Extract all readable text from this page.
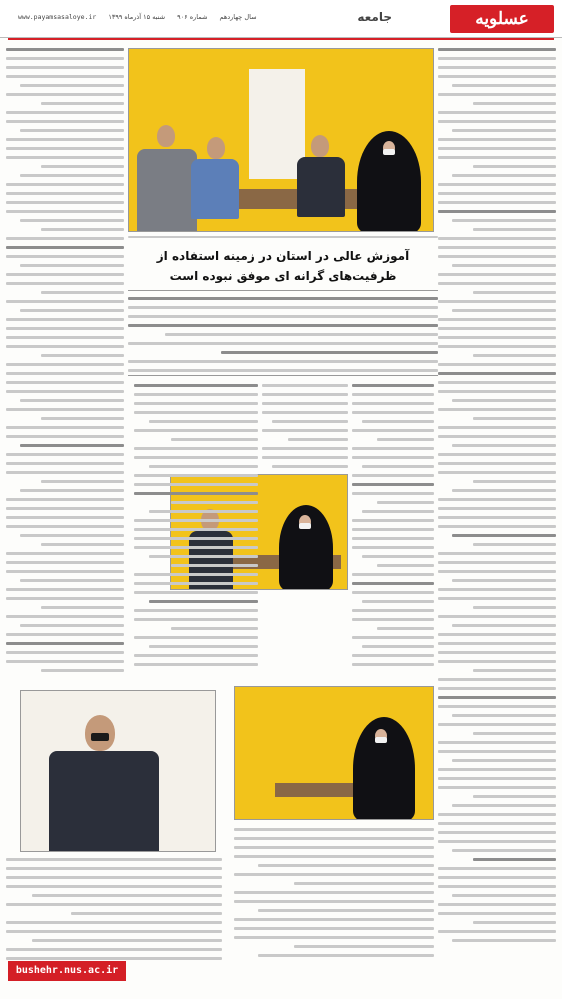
عسلویه
جامعه
سال چهاردهم شماره ۹۰۶ شنبه ۱۵ آذرماه ۱۳۹۹ www.payamsasaloye.ir
آموزش عالی در استان در زمینه استفاده از ظرفیت‌های گرانه ای موفق نبوده است
bushehr.nus.ac.ir
